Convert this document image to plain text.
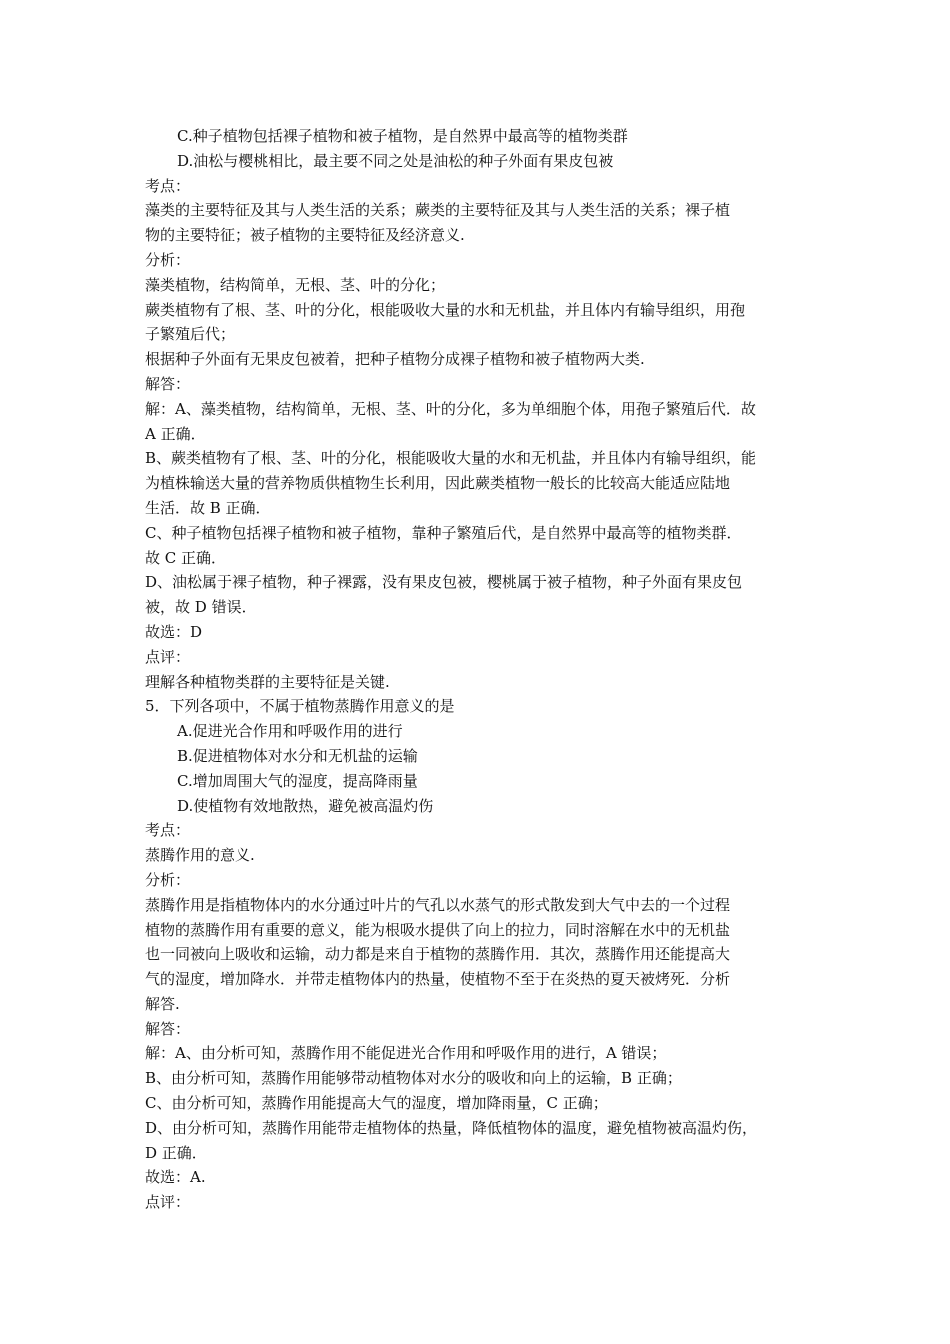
C.种子植物包括裸子植物和被子植物，是自然界中最高等的植物类群
D.油松与樱桃相比，最主要不同之处是油松的种子外面有果皮包被
考点：
藻类的主要特征及其与人类生活的关系；蕨类的主要特征及其与人类生活的关系；裸子植
物的主要特征；被子植物的主要特征及经济意义.
分析：
藻类植物，结构简单，无根、茎、叶的分化；
蕨类植物有了根、茎、叶的分化，根能吸收大量的水和无机盐，并且体内有输导组织，用孢
子繁殖后代；
根据种子外面有无果皮包被着，把种子植物分成裸子植物和被子植物两大类.
解答：
解：A、藻类植物，结构简单，无根、茎、叶的分化，多为单细胞个体，用孢子繁殖后代．故
A 正确．
B、蕨类植物有了根、茎、叶的分化，根能吸收大量的水和无机盐，并且体内有输导组织，能
为植株输送大量的营养物质供植物生长利用，因此蕨类植物一般长的比较高大能适应陆地
生活．故 B 正确．
C、种子植物包括裸子植物和被子植物，靠种子繁殖后代，是自然界中最高等的植物类群．
故 C 正确．
D、油松属于裸子植物，种子裸露，没有果皮包被，樱桃属于被子植物，种子外面有果皮包
被，故 D 错误．
故选：D
点评：
理解各种植物类群的主要特征是关键.
5．下列各项中，不属于植物蒸腾作用意义的是
A.促进光合作用和呼吸作用的进行
B.促进植物体对水分和无机盐的运输
C.增加周围大气的湿度，提高降雨量
D.使植物有效地散热，避免被高温灼伤
考点：
蒸腾作用的意义.
分析：
蒸腾作用是指植物体内的水分通过叶片的气孔以水蒸气的形式散发到大气中去的一个过程
植物的蒸腾作用有重要的意义，能为根吸水提供了向上的拉力，同时溶解在水中的无机盐
也一同被向上吸收和运输，动力都是来自于植物的蒸腾作用．其次，蒸腾作用还能提高大
气的湿度，增加降水．并带走植物体内的热量，使植物不至于在炎热的夏天被烤死．分析
解答.
解答：
解：A、由分析可知，蒸腾作用不能促进光合作用和呼吸作用的进行，A 错误；
B、由分析可知，蒸腾作用能够带动植物体对水分的吸收和向上的运输，B 正确；
C、由分析可知，蒸腾作用能提高大气的湿度，增加降雨量，C 正确；
D、由分析可知，蒸腾作用能带走植物体的热量，降低植物体的温度，避免植物被高温灼伤，
D 正确．
故选：A.
点评：
